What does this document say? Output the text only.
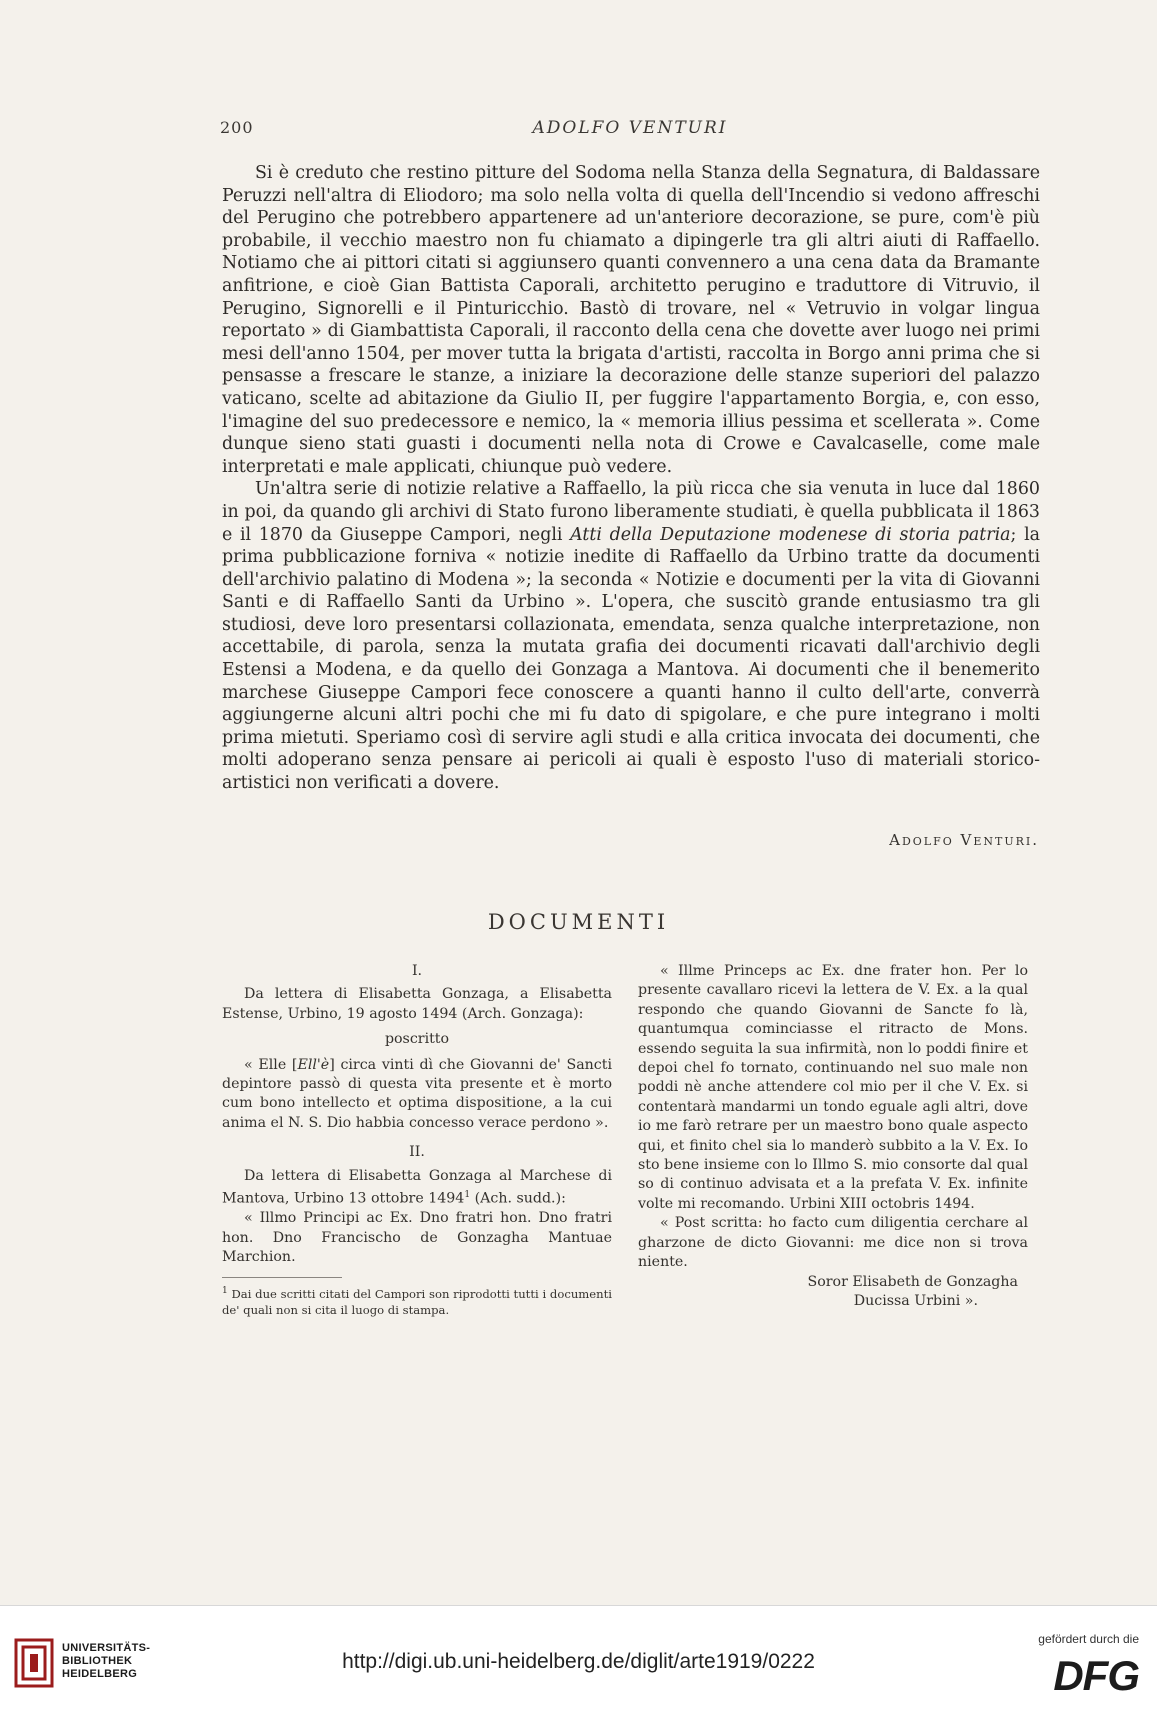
200	ADOLFO VENTURI

Si è creduto che restino pitture del Sodoma nella Stanza della Segnatura, di Baldassare Peruzzi nell'altra di Eliodoro; ma solo nella volta di quella dell'Incendio si vedono affreschi del Perugino che potrebbero appartenere ad un'anteriore decorazione, se pure, com'è più probabile, il vecchio maestro non fu chiamato a dipingerle tra gli altri aiuti di Raffaello. Notiamo che ai pittori citati si aggiunsero quanti convennero a una cena data da Bramante anfitrione, e cioè Gian Battista Caporali, architetto perugino e traduttore di Vitruvio, il Perugino, Signorelli e il Pinturicchio. Bastò di trovare, nel « Vetruvio in volgar lingua reportato » di Giambattista Caporali, il racconto della cena che dovette aver luogo nei primi mesi dell'anno 1504, per mover tutta la brigata d'artisti, raccolta in Borgo anni prima che si pensasse a frescare le stanze, a iniziare la decorazione delle stanze superiori del palazzo vaticano, scelte ad abitazione da Giulio II, per fuggire l'appartamento Borgia, e, con esso, l'imagine del suo predecessore e nemico, la « memoria illius pessima et scellerata ». Come dunque sieno stati guasti i documenti nella nota di Crowe e Cavalcaselle, come male interpretati e male applicati, chiunque può vedere.

Un'altra serie di notizie relative a Raffaello, la più ricca che sia venuta in luce dal 1860 in poi, da quando gli archivi di Stato furono liberamente studiati, è quella pubblicata il 1863 e il 1870 da Giuseppe Campori, negli Atti della Deputazione modenese di storia patria; la prima pubblicazione forniva « notizie inedite di Raffaello da Urbino tratte da documenti dell'archivio palatino di Modena »; la seconda « Notizie e documenti per la vita di Giovanni Santi e di Raffaello Santi da Urbino ». L'opera, che suscitò grande entusiasmo tra gli studiosi, deve loro presentarsi collazionata, emendata, senza qualche interpretazione, non accettabile, di parola, senza la mutata grafia dei documenti ricavati dall'archivio degli Estensi a Modena, e da quello dei Gonzaga a Mantova. Ai documenti che il benemerito marchese Giuseppe Campori fece conoscere a quanti hanno il culto dell'arte, converrà aggiungerne alcuni altri pochi che mi fu dato di spigolare, e che pure integrano i molti prima mietuti. Speriamo così di servire agli studi e alla critica invocata dei documenti, che molti adoperano senza pensare ai pericoli ai quali è esposto l'uso di materiali storico-artistici non verificati a dovere.

Adolfo Venturi.
DOCUMENTI

I.

Da lettera di Elisabetta Gonzaga, a Elisabetta Estense, Urbino, 19 agosto 1494 (Arch. Gonzaga):

poscritto

« Elle [Ell'è] circa vinti dì che Giovanni de' Sancti depintore passò di questa vita presente et è morto cum bono intellecto et optima dispositione, a la cui anima el N. S. Dio habbia concesso verace perdono ».

II.

Da lettera di Elisabetta Gonzaga al Marchese di Mantova, Urbino 13 ottobre 1494$^1$ (Ach. sudd.):

« Illmo Principi ac Ex. Dno fratri hon. Dno fratri hon. Dno Francischo de Gonzagha Mantuae Marchion.

$^1$ Dai due scritti citati del Campori son riprodotti tutti i documenti de' quali non si cita il luogo di stampa.

« Illme Princeps ac Ex. dne frater hon. Per lo presente cavallaro ricevi la lettera de V. Ex. a la qual respondo che quando Giovanni de Sancte fo là, quantumqua cominciasse el ritracto de Mons. essendo seguita la sua infirmità, non lo poddi finire et depoi chel fo tornato, continuando nel suo male non poddi nè anche attendere col mio per il che V. Ex. si contentarà mandarmi un tondo eguale agli altri, dove io me farò retrare per un maestro bono quale aspecto qui, et finito chel sia lo manderò subbito a la V. Ex. Io sto bene insieme con lo Illmo S. mio consorte dal qual so di continuo advisata et a la prefata V. Ex. infinite volte mi recomando. Urbini XIII octobris 1494.

« Post scritta: ho facto cum diligentia cerchare al gharzone de dicto Giovanni: me dice non si trova niente.

Soror Elisabeth de Gonzagha

Ducissa Urbini ».

UNIVERSITÄTS-
BIBLIOTHEK
HEIDELBERG
http://digi.ub.uni-heidelberg.de/diglit/arte1919/0222
gefördert durch die
DFG
